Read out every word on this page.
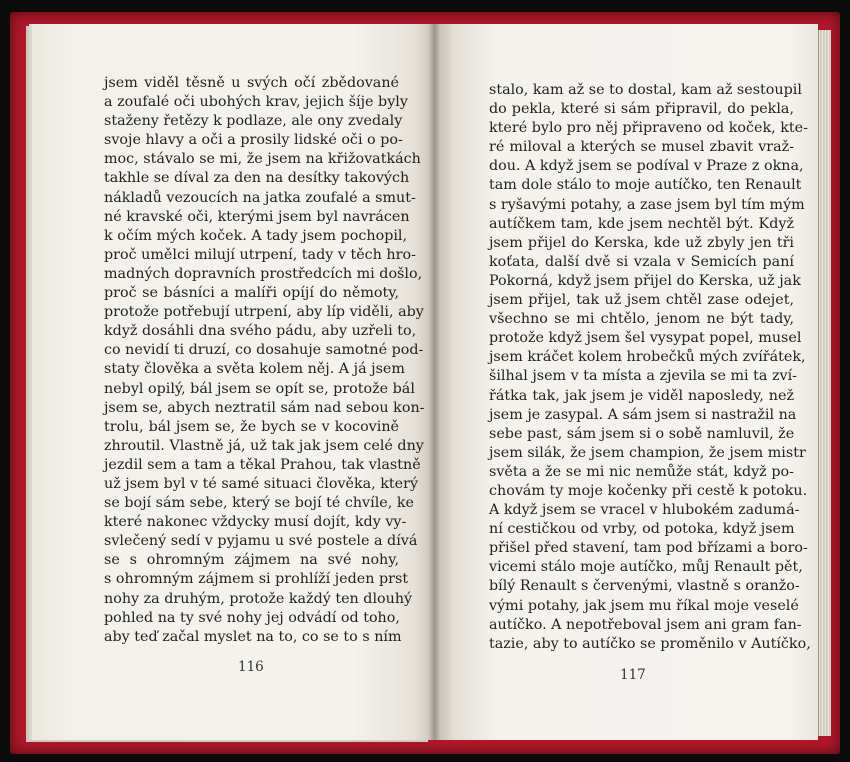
jsem viděl těsně u svých očí zbědované
a zoufalé oči ubohých krav, jejich šíje byly
staženy řetězy k podlaze, ale ony zvedaly
svoje hlavy a oči a prosily lidské oči o po-
moc, stávalo se mi, že jsem na křižovatkách
takhle se díval za den na desítky takových
nákladů vezoucích na jatka zoufalé a smut-
né kravské oči, kterými jsem byl navrácen
k očím mých koček. A tady jsem pochopil,
proč umělci milují utrpení, tady v těch hro-
madných dopravních prostředcích mi došlo,
proč se básníci a malíři opíjí do němoty,
protože potřebují utrpení, aby líp viděli, aby
když dosáhli dna svého pádu, aby uzřeli to,
co nevidí ti druzí, co dosahuje samotné pod-
staty člověka a světa kolem něj. A já jsem
nebyl opilý, bál jsem se opít se, protože bál
jsem se, abych neztratil sám nad sebou kon-
trolu, bál jsem se, že bych se v kocovině
zhroutil. Vlastně já, už tak jak jsem celé dny
jezdil sem a tam a těkal Prahou, tak vlastně
už jsem byl v té samé situaci člověka, který
se bojí sám sebe, který se bojí té chvíle, ke
které nakonec vždycky musí dojít, kdy vy-
svlečený sedí v pyjamu u své postele a dívá
se s ohromným zájmem na své nohy,
s ohromným zájmem si prohlíží jeden prst
nohy za druhým, protože každý ten dlouhý
pohled na ty své nohy jej odvádí od toho,
aby teď začal myslet na to, co se to s ním
116
stalo, kam až se to dostal, kam až sestoupil
do pekla, které si sám připravil, do pekla,
které bylo pro něj připraveno od koček, kte-
ré miloval a kterých se musel zbavit vraž-
dou. A když jsem se podíval v Praze z okna,
tam dole stálo to moje autíčko, ten Renault
s ryšavými potahy, a zase jsem byl tím mým
autíčkem tam, kde jsem nechtěl být. Když
jsem přijel do Kerska, kde už zbyly jen tři
koťata, další dvě si vzala v Semicích paní
Pokorná, když jsem přijel do Kerska, už jak
jsem přijel, tak už jsem chtěl zase odejet,
všechno se mi chtělo, jenom ne být tady,
protože když jsem šel vysypat popel, musel
jsem kráčet kolem hrobečků mých zvířátek,
šilhal jsem v ta místa a zjevila se mi ta zví-
řátka tak, jak jsem je viděl naposledy, než
jsem je zasypal. A sám jsem si nastražil na
sebe past, sám jsem si o sobě namluvil, že
jsem silák, že jsem champion, že jsem mistr
světa a že se mi nic nemůže stát, když po-
chovám ty moje kočenky při cestě k potoku.
A když jsem se vracel v hlubokém zadumá-
ní cestičkou od vrby, od potoka, když jsem
přišel před stavení, tam pod břízami a boro-
vicemi stálo moje autíčko, můj Renault pět,
bílý Renault s červenými, vlastně s oranžo-
vými potahy, jak jsem mu říkal moje veselé
autíčko. A nepotřeboval jsem ani gram fan-
tazie, aby to autíčko se proměnilo v Autíčko,
117
